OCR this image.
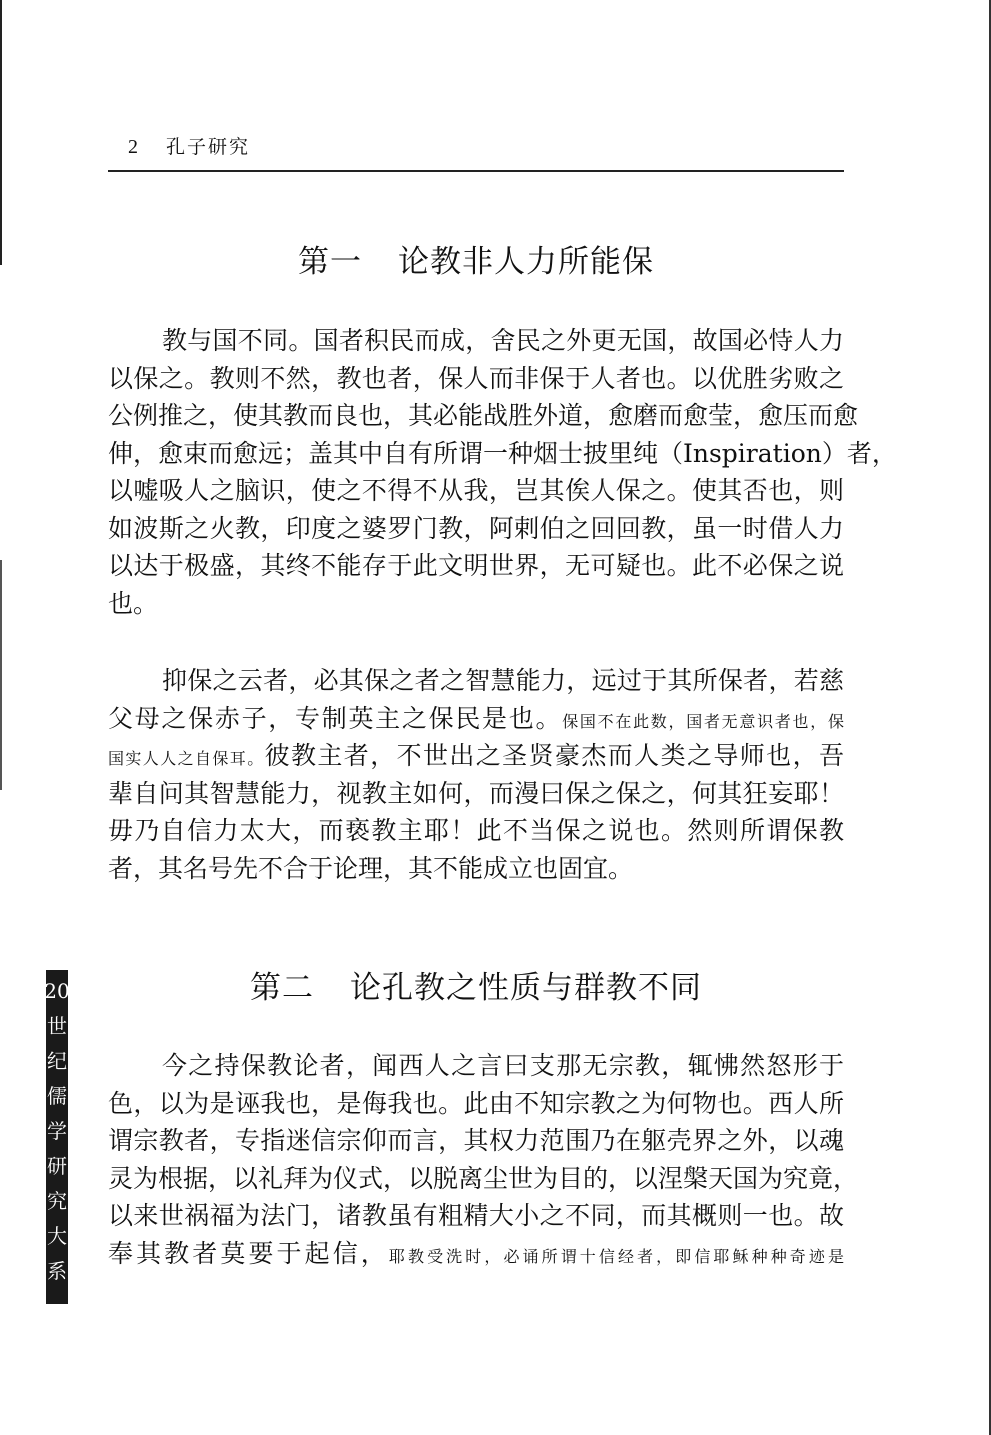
2 孔子研究
第一 论教非人力所能保
教与国不同。国者积民而成，舍民之外更无国，故国必恃人力
以保之。教则不然，教也者，保人而非保于人者也。以优胜劣败之
公例推之，使其教而良也，其必能战胜外道，愈磨而愈莹，愈压而愈
伸，愈束而愈远；盖其中自有所谓一种烟士披里纯（Inspiration）者，
以嘘吸人之脑识，使之不得不从我，岂其俟人保之。使其否也，则
如波斯之火教，印度之婆罗门教，阿剌伯之回回教，虽一时借人力
以达于极盛，其终不能存于此文明世界，无可疑也。此不必保之说
也。
抑保之云者，必其保之者之智慧能力，远过于其所保者，若慈
父母之保赤子，专制英主之保民是也。保国不在此数，国者无意识者也，保
国实人人之自保耳。彼教主者，不世出之圣贤豪杰而人类之导师也，吾
辈自问其智慧能力，视教主如何，而漫曰保之保之，何其狂妄耶！
毋乃自信力太大，而亵教主耶！此不当保之说也。然则所谓保教
者，其名号先不合于论理，其不能成立也固宜。
第二 论孔教之性质与群教不同
今之持保教论者，闻西人之言曰支那无宗教，辄怫然怒形于
色，以为是诬我也，是侮我也。此由不知宗教之为何物也。西人所
谓宗教者，专指迷信宗仰而言，其权力范围乃在躯壳界之外，以魂
灵为根据，以礼拜为仪式，以脱离尘世为目的，以涅槃天国为究竟，
以来世祸福为法门，诸教虽有粗精大小之不同，而其概则一也。故
奉其教者莫要于起信，耶教受洗时，必诵所谓十信经者，即信耶稣种种奇迹是
20
世
纪
儒
学
研
究
大
系
